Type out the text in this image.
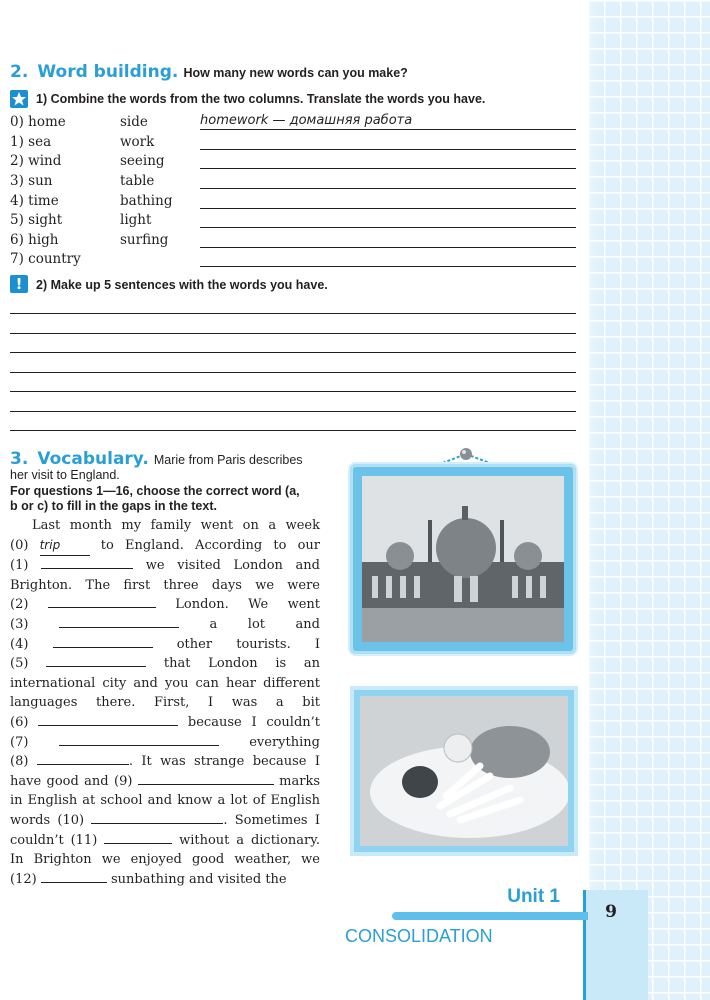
2. Word building. How many new words can you make?
1) Combine the words from the two columns. Translate the words you have.
0) home	side	homework — домашняя работа
1) sea	work
2) wind	seeing
3) sun	table
4) time	bathing
5) sight	light
6) high	surfing
7) country
!	2) Make up 5 sentences with the words you have.
3. Vocabulary. Marie from Paris describes
her visit to England.
For questions 1—16, choose the correct word (a,
b or c) to fill in the gaps in the text.
Last month my family went on a week
(0) trip	to England. According to our
(1)	we visited London and
Brighton. The first three days we were
(2)	London. We went
(3)	a lot and
(4)	other tourists. I
(5)	that London is an
international city and you can hear different
languages there. First, I was a bit
(6)	because I couldn’t
(7)	everything
(8)	. It was strange because I
have good and (9)	marks
in English at school and know a lot of English
words (10)	. Sometimes I
couldn’t (11)	without a dictionary.
In Brighton we enjoyed good weather, we
(12)	sunbathing and visited the
9
Unit 1
CONSOLIDATION
